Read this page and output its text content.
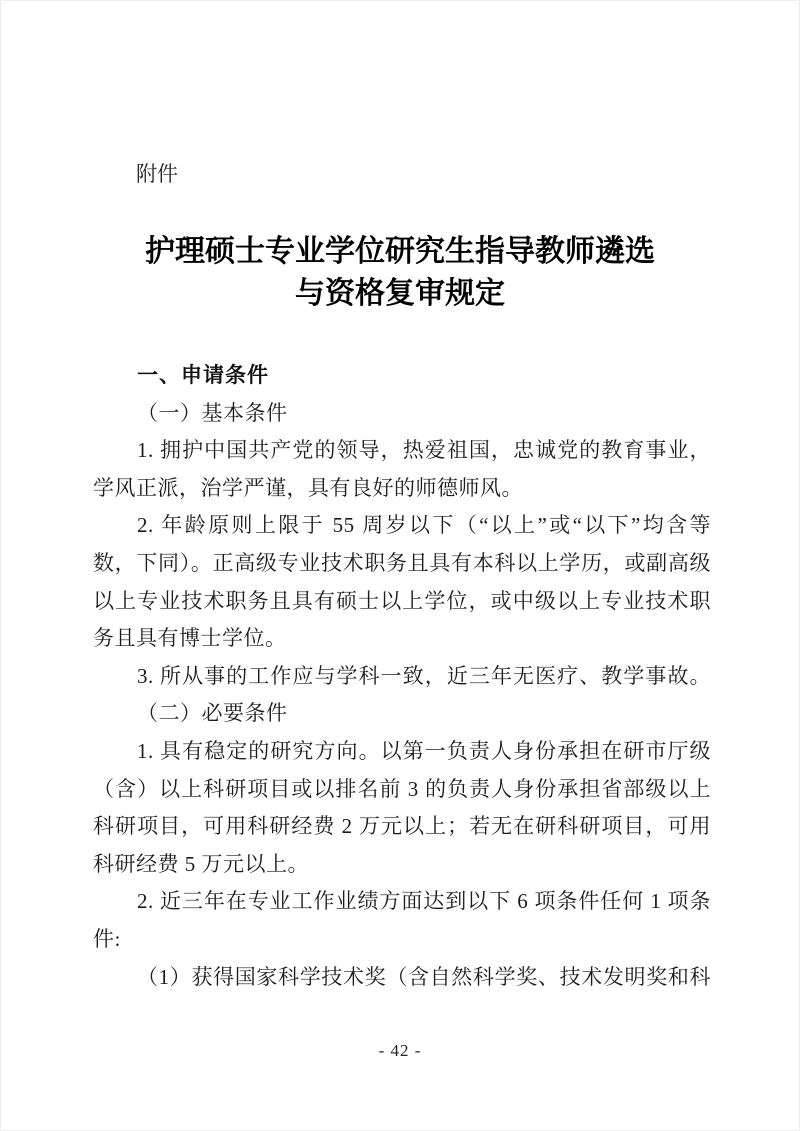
附件
护理硕士专业学位研究生指导教师遴选
与资格复审规定
一、申请条件
（一）基本条件
1. 拥护中国共产党的领导，热爱祖国，忠诚党的教育事业，
学风正派，治学严谨，具有良好的师德师风。
2. 年龄原则上限于 55 周岁以下（“以上”或“以下”均含等
数，下同）。正高级专业技术职务且具有本科以上学历，或副高级
以上专业技术职务且具有硕士以上学位，或中级以上专业技术职
务且具有博士学位。
3. 所从事的工作应与学科一致，近三年无医疗、教学事故。
（二）必要条件
1. 具有稳定的研究方向。以第一负责人身份承担在研市厅级
（含）以上科研项目或以排名前 3 的负责人身份承担省部级以上
科研项目，可用科研经费 2 万元以上；若无在研科研项目，可用
科研经费 5 万元以上。
2. 近三年在专业工作业绩方面达到以下 6 项条件任何 1 项条
件:
（1）获得国家科学技术奖（含自然科学奖、技术发明奖和科
- 42 -
